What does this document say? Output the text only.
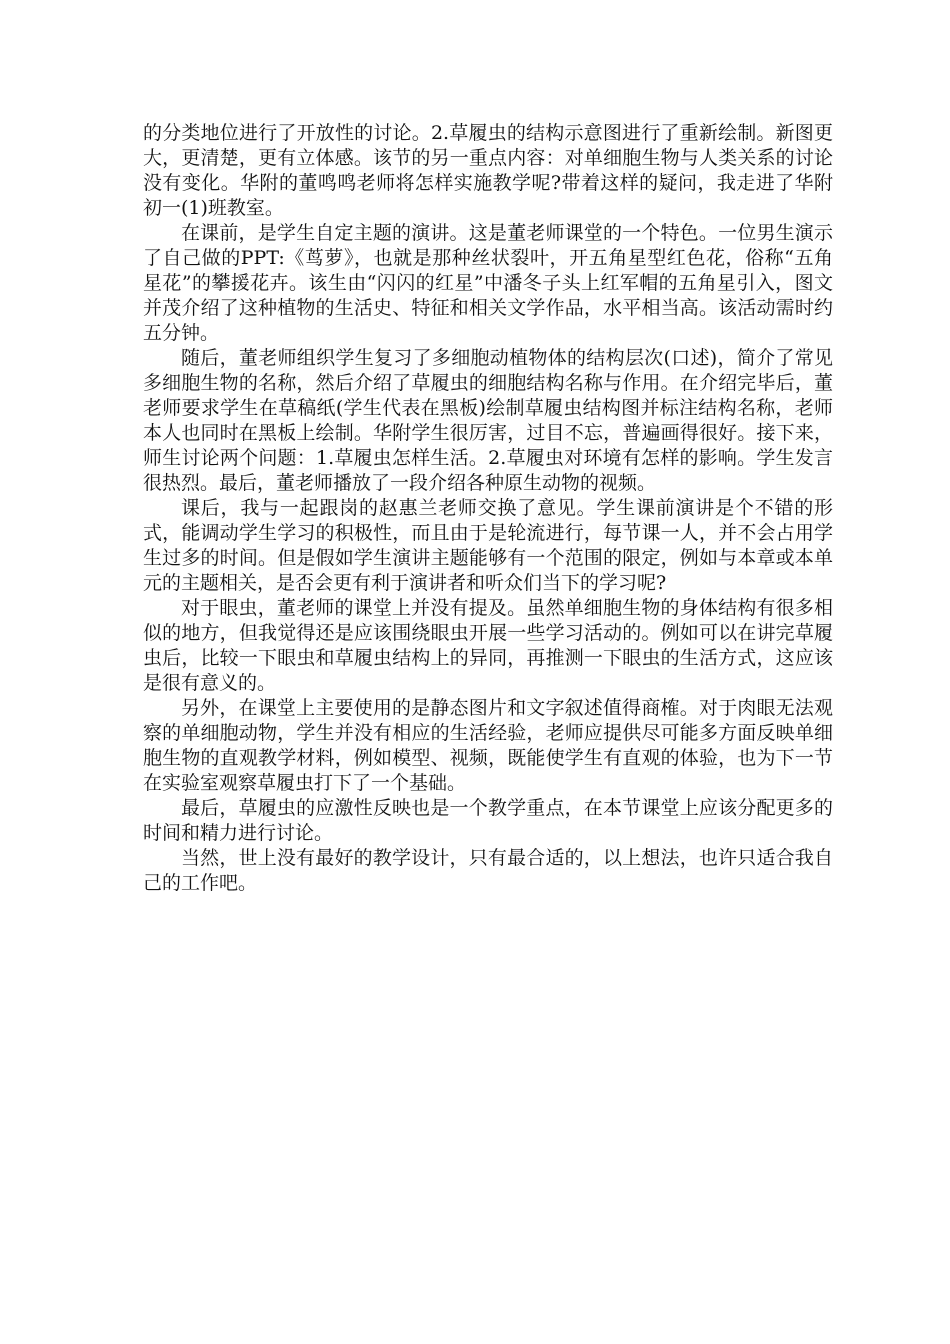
的分类地位进行了开放性的讨论。2.草履虫的结构示意图进行了重新绘制。新图更大，更清楚，更有立体感。该节的另一重点内容：对单细胞生物与人类关系的讨论没有变化。华附的董鸣鸣老师将怎样实施教学呢?带着这样的疑问，我走进了华附初一(1)班教室。

在课前，是学生自定主题的演讲。这是董老师课堂的一个特色。一位男生演示了自己做的PPT:《茑萝》，也就是那种丝状裂叶，开五角星型红色花，俗称“五角星花”的攀援花卉。该生由“闪闪的红星”中潘冬子头上红军帽的五角星引入，图文并茂介绍了这种植物的生活史、特征和相关文学作品，水平相当高。该活动需时约五分钟。

随后，董老师组织学生复习了多细胞动植物体的结构层次(口述)，简介了常见多细胞生物的名称，然后介绍了草履虫的细胞结构名称与作用。在介绍完毕后，董老师要求学生在草稿纸(学生代表在黑板)绘制草履虫结构图并标注结构名称，老师本人也同时在黑板上绘制。华附学生很厉害，过目不忘，普遍画得很好。接下来，师生讨论两个问题：1.草履虫怎样生活。2.草履虫对环境有怎样的影响。学生发言很热烈。最后，董老师播放了一段介绍各种原生动物的视频。

课后，我与一起跟岗的赵惠兰老师交换了意见。学生课前演讲是个不错的形式，能调动学生学习的积极性，而且由于是轮流进行，每节课一人，并不会占用学生过多的时间。但是假如学生演讲主题能够有一个范围的限定，例如与本章或本单元的主题相关，是否会更有利于演讲者和听众们当下的学习呢?

对于眼虫，董老师的课堂上并没有提及。虽然单细胞生物的身体结构有很多相似的地方，但我觉得还是应该围绕眼虫开展一些学习活动的。例如可以在讲完草履虫后，比较一下眼虫和草履虫结构上的异同，再推测一下眼虫的生活方式，这应该是很有意义的。

另外，在课堂上主要使用的是静态图片和文字叙述值得商榷。对于肉眼无法观察的单细胞动物，学生并没有相应的生活经验，老师应提供尽可能多方面反映单细胞生物的直观教学材料，例如模型、视频，既能使学生有直观的体验，也为下一节在实验室观察草履虫打下了一个基础。

最后，草履虫的应激性反映也是一个教学重点，在本节课堂上应该分配更多的时间和精力进行讨论。

当然，世上没有最好的教学设计，只有最合适的，以上想法，也许只适合我自己的工作吧。
